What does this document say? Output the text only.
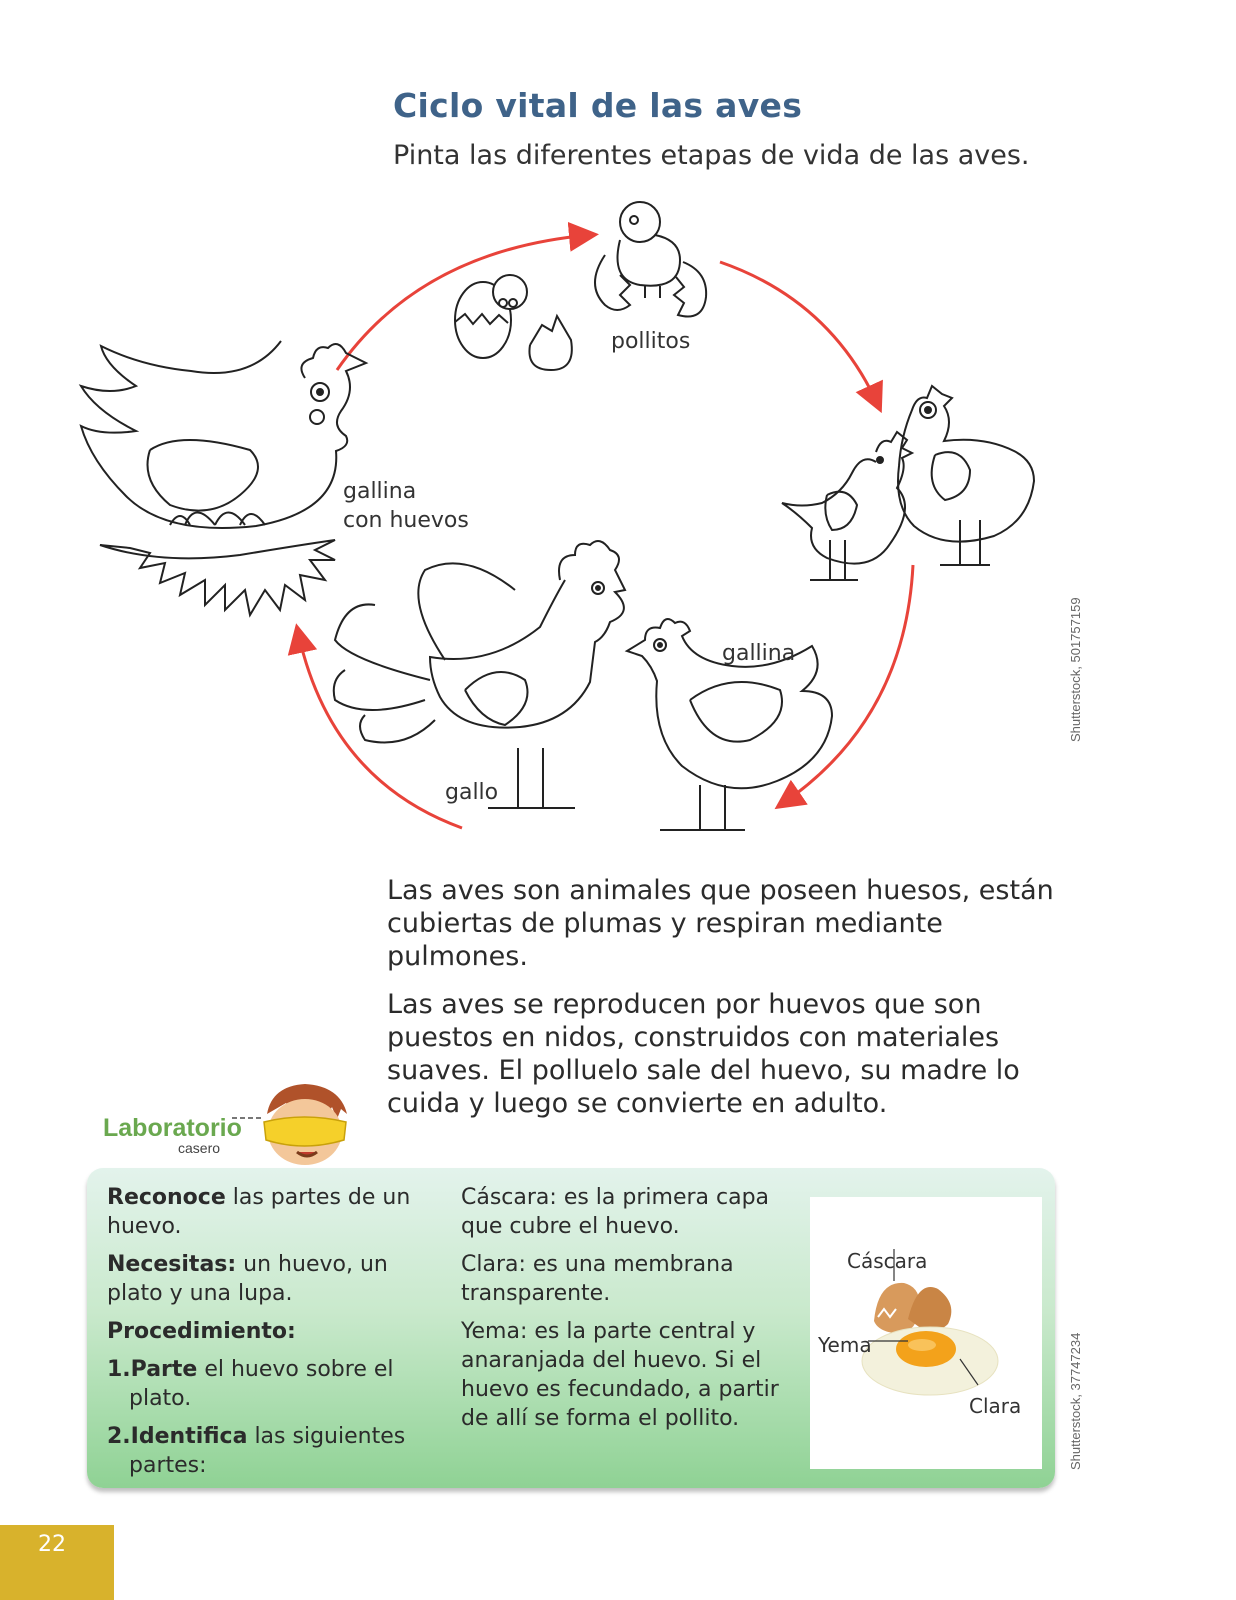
Ciclo vital de las aves
Pinta las diferentes etapas de vida de las aves.
pollitos
gallina
con huevos
gallina
gallo
Shutterstock, 501757159

Las aves son animales que poseen huesos, están cubiertas de plumas y respiran mediante pulmones.

Las aves se reproducen por huevos que son puestos en nidos, construidos con materiales suaves. El polluelo sale del huevo, su madre lo cuida y luego se convierte en adulto.

Laboratorio
casero

Reconoce las partes de un huevo.

Necesitas: un huevo, un plato y una lupa.

Procedimiento:

1.Parte el huevo sobre el plato.

2.Identifica las siguientes partes:

Cáscara: es la primera capa que cubre el huevo.

Clara: es una membrana transparente.

Yema: es la parte central y anaranjada del huevo. Si el huevo es fecundado, a partir de allí se forma el pollito.

Cáscara
Yema
Clara	Shutterstock, 37747234
22
